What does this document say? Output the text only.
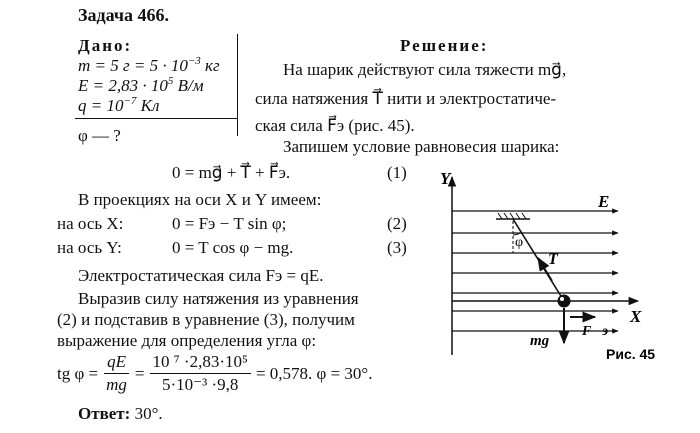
Задача 466.
Дано:
m = 5 $г = 5 \cdot 10^{-3}$ кг
$E = 2,83 \cdot 10^5$ В/м
$q = 10^{-7}$ Кл
φ — ?
Решение:
На шарик действуют сила тяжести mg⃗,
сила натяжения T⃗ нити и электростатиче-
ская сила F⃗э (рис. 45).
Запишем условие равновесия шарика:
0 = mg⃗ + T⃗ + F⃗э.	(1)
В проекциях на оси X и Y имеем:
на ось X:	0 = Fэ − T sin φ;	(2)
на ось Y:	0 = T cos φ − mg.	(3)
Электростатическая сила Fэ = qE.
Выразив силу натяжения из уравнения
(2) и подставив в уравнение (3), получим
выражение для определения угла φ:
tg $\varphi = \frac{qE}{mg} = \frac{\text{10 ⁷ ·2,83·10⁵}}{\text{5·10⁻³ ·9,8}} = 0,578$. φ = 30°.
Ответ: 30°.
Y
X
E⃗
T⃗
φ
F⃗э
mg⃗
Рис. 45
